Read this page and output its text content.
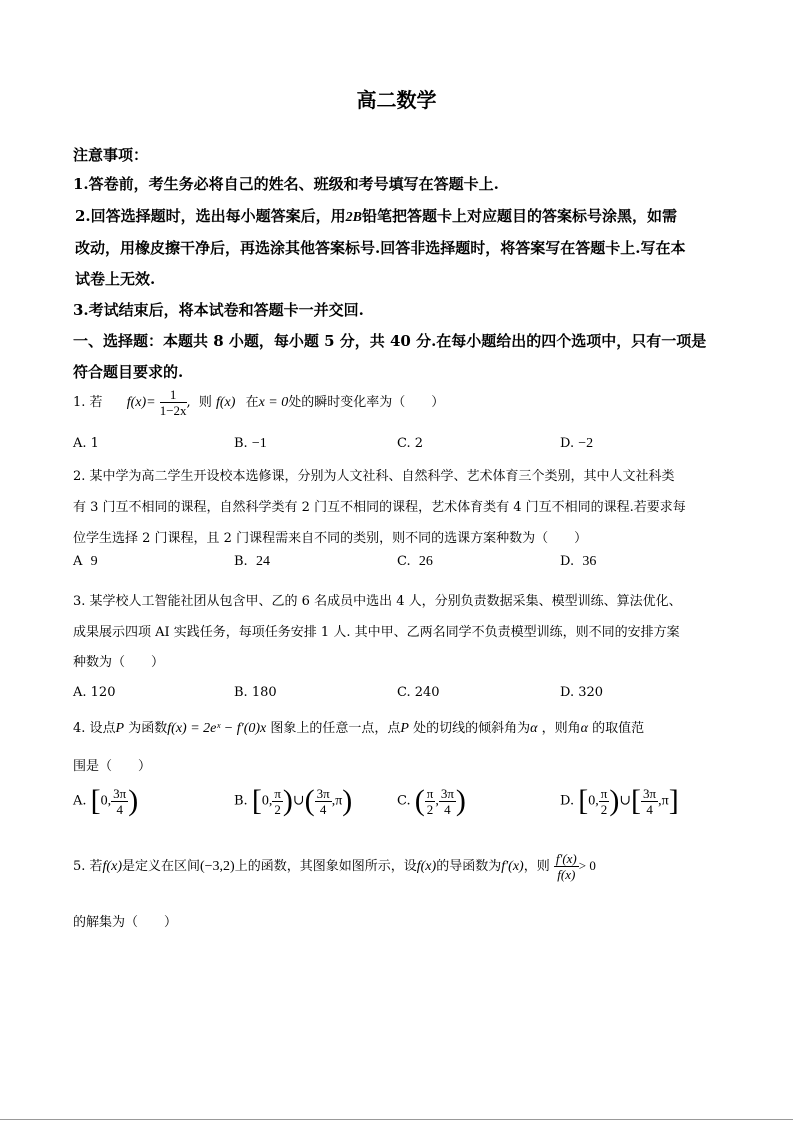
高二数学
注意事项：
1.答卷前，考生务必将自己的姓名、班级和考号填写在答题卡上.
2.回答选择题时，选出每小题答案后，用2B铅笔把答题卡上对应题目的答案标号涂黑，如需
改动，用橡皮擦干净后，再选涂其他答案标号.回答非选择题时，将答案写在答题卡上.写在本
试卷上无效.
3.考试结束后，将本试卷和答题卡一并交回.
一、选择题：本题共 8 小题，每小题 5 分，共 40 分.在每小题给出的四个选项中，只有一项是
符合题目要求的.
1. 若 $f(x)= \frac{1}{1-2x}$ , 则 f(x) 在x = 0处的瞬时变化率为（　　）
A. 1	B. −1	C. 2	D. −2
2. 某中学为高二学生开设校本选修课，分别为人文社科、自然科学、艺术体育三个类别，其中人文社科类
有 3 门互不相同的课程，自然科学类有 2 门互不相同的课程，艺术体育类有 4 门互不相同的课程.若要求每
位学生选择 2 门课程，且 2 门课程需来自不同的类别，则不同的选课方案种数为（　　）
A 9	B. 24	C. 26	D. 36
3. 某学校人工智能社团从包含甲、乙的 6 名成员中选出 4 人，分别负责数据采集、模型训练、算法优化、
成果展示四项 AI 实践任务，每项任务安排 1 人. 其中甲、乙两名同学不负责模型训练，则不同的安排方案
种数为（　　）
A. 120	B. 180	C. 240	D. 320
4. 设点P 为函数f(x) = 2eˣ − f′(0)x 图象上的任意一点，点P 处的切线的倾斜角为α ，则角α 的取值范
围是（　　）
A. [0, $\frac{3\pi}{4}$ )	B. [0, $\frac{\pi}{2}$ )∪( $\frac{3\pi}{4} ,\pi$)	C. ( $\frac{\pi}{2}$ , $\frac{3\pi}{4}$ )	D. [0, $\frac{\pi}{2}$ )∪[ $\frac{3\pi}{4} ,\pi$]
5. 若f(x)是定义在区间(−3,2)上的函数，其图象如图所示，设f(x)的导函数为f′(x)，则 $\frac{f'(x)}{f(x)} > 0$
的解集为（　　）
